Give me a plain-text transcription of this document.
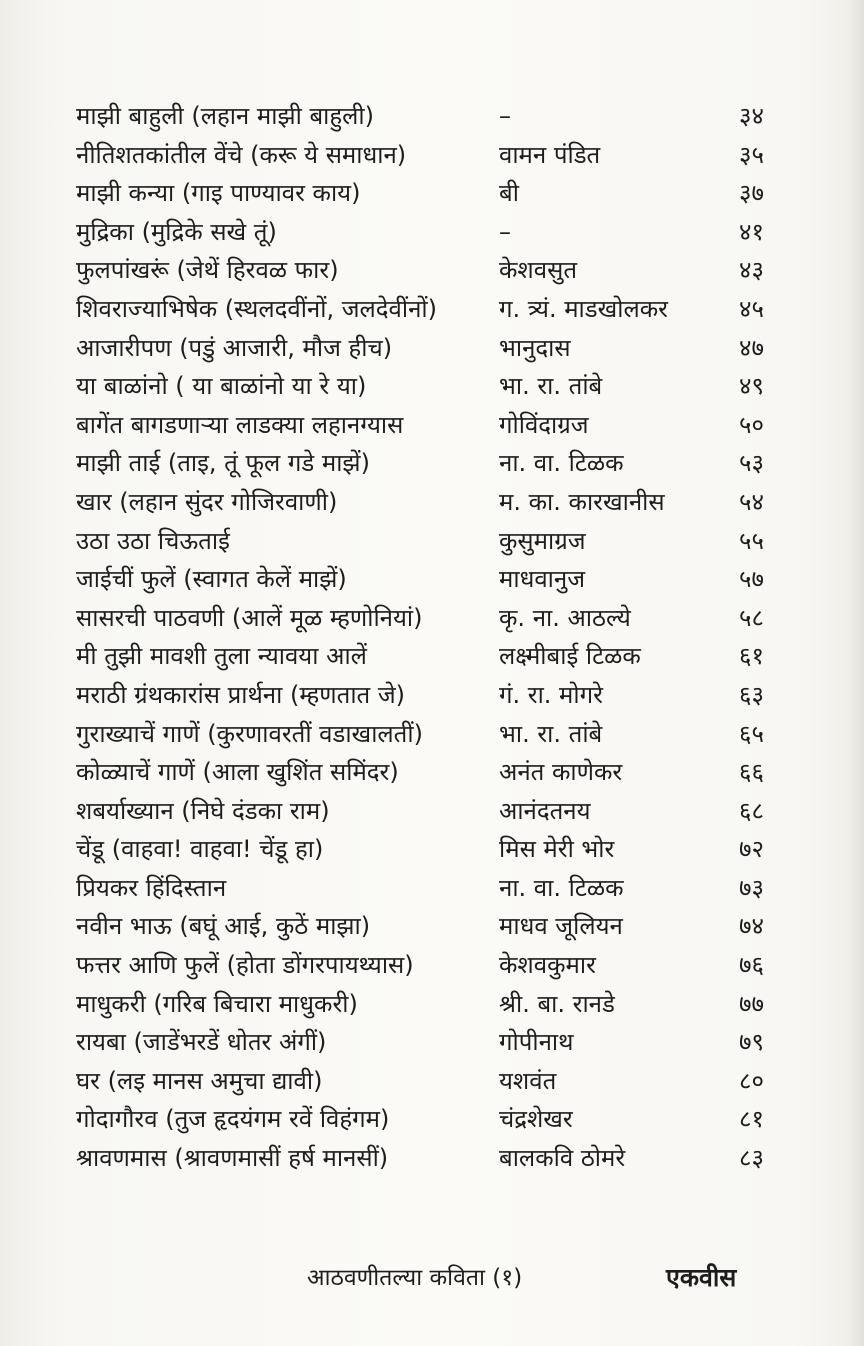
माझी बाहुली (लहान माझी बाहुली)	–	३४
नीतिशतकांतील वेंचे (करू ये समाधान)	वामन पंडित	३५
माझी कन्या (गाइ पाण्यावर काय)	बी	३७
मुद्रिका (मुद्रिके सखे तूं)	–	४१
फुलपांखरूं (जेथें हिरवळ फार)	केशवसुत	४३
शिवराज्याभिषेक (स्थलदवींनों, जलदेवींनों)	ग. त्र्यं. माडखोलकर	४५
आजारीपण (पडुं आजारी, मौज हीच)	भानुदास	४७
या बाळांनो ( या बाळांनो या रे या)	भा. रा. तांबे	४९
बागेंत बागडणाऱ्या लाडक्या लहानग्यास	गोविंदाग्रज	५०
माझी ताई (ताइ, तूं फूल गडे माझें)	ना. वा. टिळक	५३
खार (लहान सुंदर गोजिरवाणी)	म. का. कारखानीस	५४
उठा उठा चिऊताई	कुसुमाग्रज	५५
जाईचीं फुलें (स्वागत केलें माझें)	माधवानुज	५७
सासरची पाठवणी (आलें मूळ म्हणोनियां)	कृ. ना. आठल्ये	५८
मी तुझी मावशी तुला न्यावया आलें	लक्ष्मीबाई टिळक	६१
मराठी ग्रंथकारांस प्रार्थना (म्हणतात जे)	गं. रा. मोगरे	६३
गुराख्याचें गाणें (कुरणावरतीं वडाखालतीं)	भा. रा. तांबे	६५
कोळ्याचें गाणें (आला खुशिंत समिंदर)	अनंत काणेकर	६६
शबर्याख्यान (निघे दंडका राम)	आनंदतनय	६८
चेंडू (वाहवा! वाहवा! चेंडू हा)	मिस मेरी भोर	७२
प्रियकर हिंदिस्तान	ना. वा. टिळक	७३
नवीन भाऊ (बघूं आई, कुठें माझा)	माधव जूलियन	७४
फत्तर आणि फुलें (होता डोंगरपायथ्यास)	केशवकुमार	७६
माधुकरी (गरिब बिचारा माधुकरी)	श्री. बा. रानडे	७७
रायबा (जाडेंभरडें धोतर अंगीं)	गोपीनाथ	७९
घर (लइ मानस अमुचा द्यावी)	यशवंत	८०
गोदागौरव (तुज हृदयंगम रवें विहंगम)	चंद्रशेखर	८१
श्रावणमास (श्रावणमासीं हर्ष मानसीं)	बालकवि ठोमरे	८३
आठवणीतल्या कविता (१)	एकवीस
